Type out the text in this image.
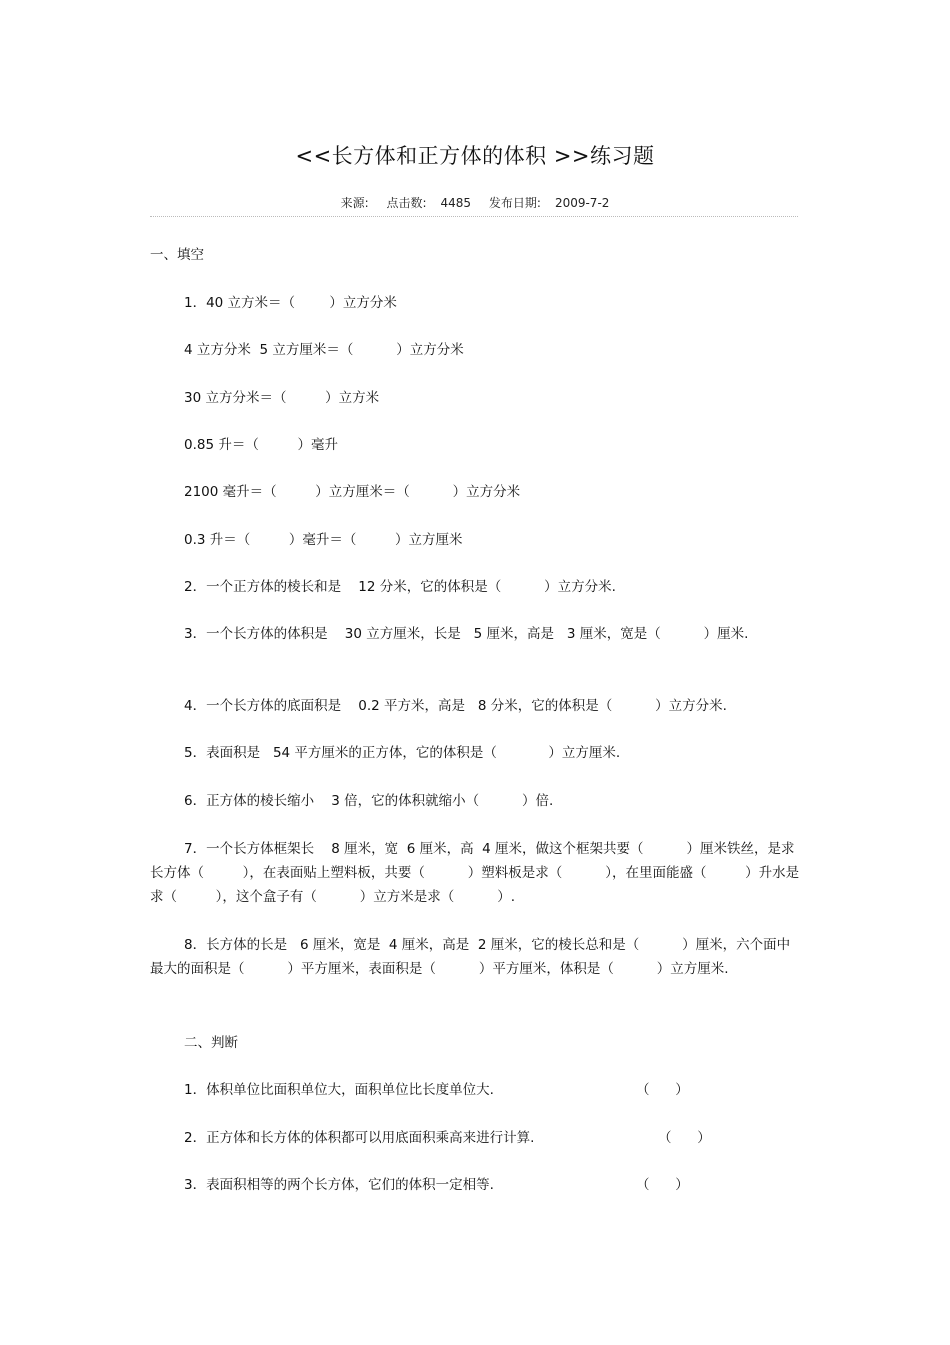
<<长方体和正方体的体积 >>练习题
来源: 点击数: 4485 发布日期: 2009-7-2
一、填空
1．40 立方米＝（        ）立方分米
4 立方分米  5 立方厘米＝（          ）立方分米
30 立方分米＝（         ）立方米
0.85 升＝（         ）毫升
2100 毫升＝（         ）立方厘米＝（          ）立方分米
0.3 升＝（         ）毫升＝（         ）立方厘米
2．一个正方体的棱长和是    12 分米，它的体积是（          ）立方分米.
3．一个长方体的体积是    30 立方厘米，长是   5 厘米，高是   3 厘米，宽是（          ）厘米.
4．一个长方体的底面积是    0.2 平方米，高是   8 分米，它的体积是（          ）立方分米.
5．表面积是   54 平方厘米的正方体，它的体积是（            ）立方厘米.
6．正方体的棱长缩小    3 倍，它的体积就缩小（          ）倍.
7．一个长方体框架长    8 厘米，宽  6 厘米，高  4 厘米，做这个框架共要（          ）厘米铁丝，是求长方体（         ），在表面贴上塑料板，共要（          ）塑料板是求（          ），在里面能盛（         ）升水是求（         ），这个盒子有（          ）立方米是求（          ）.
8．长方体的长是   6 厘米，宽是  4 厘米，高是  2 厘米，它的棱长总和是（          ）厘米，六个面中最大的面积是（          ）平方厘米，表面积是（          ）平方厘米，体积是（          ）立方厘米.
二、判断
1．体积单位比面积单位大，面积单位比长度单位大.	（      ）
2．正方体和长方体的体积都可以用底面积乘高来进行计算.	（      ）
3．表面积相等的两个长方体，它们的体积一定相等.	（      ）
